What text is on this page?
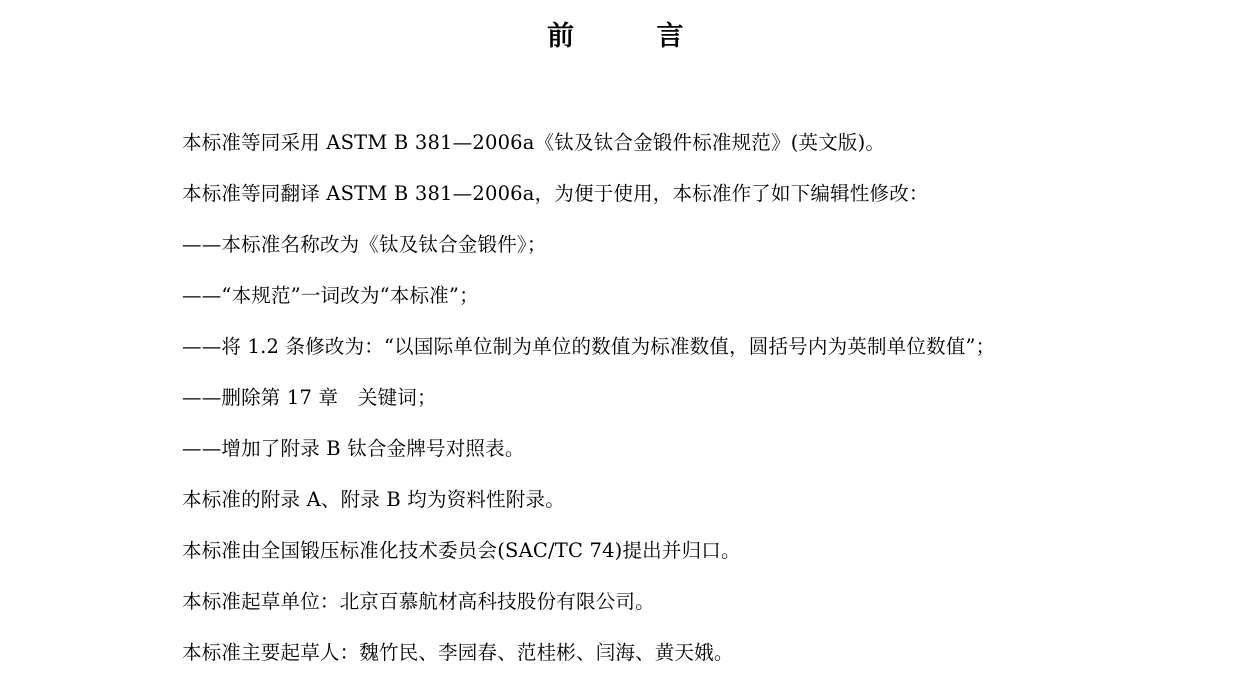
前　　言

本标准等同采用 ASTM B 381—2006a《钛及钛合金锻件标准规范》(英文版)。

本标准等同翻译 ASTM B 381—2006a，为便于使用，本标准作了如下编辑性修改：

——本标准名称改为《钛及钛合金锻件》；

——“本规范”一词改为“本标准”；

——将 1.2 条修改为：“以国际单位制为单位的数值为标准数值，圆括号内为英制单位数值”；

——删除第 17 章　关键词；

——增加了附录 B 钛合金牌号对照表。

本标准的附录 A、附录 B 均为资料性附录。

本标准由全国锻压标准化技术委员会(SAC/TC 74)提出并归口。

本标准起草单位：北京百慕航材高科技股份有限公司。

本标准主要起草人：魏竹民、李园春、范桂彬、闫海、黄天娥。
